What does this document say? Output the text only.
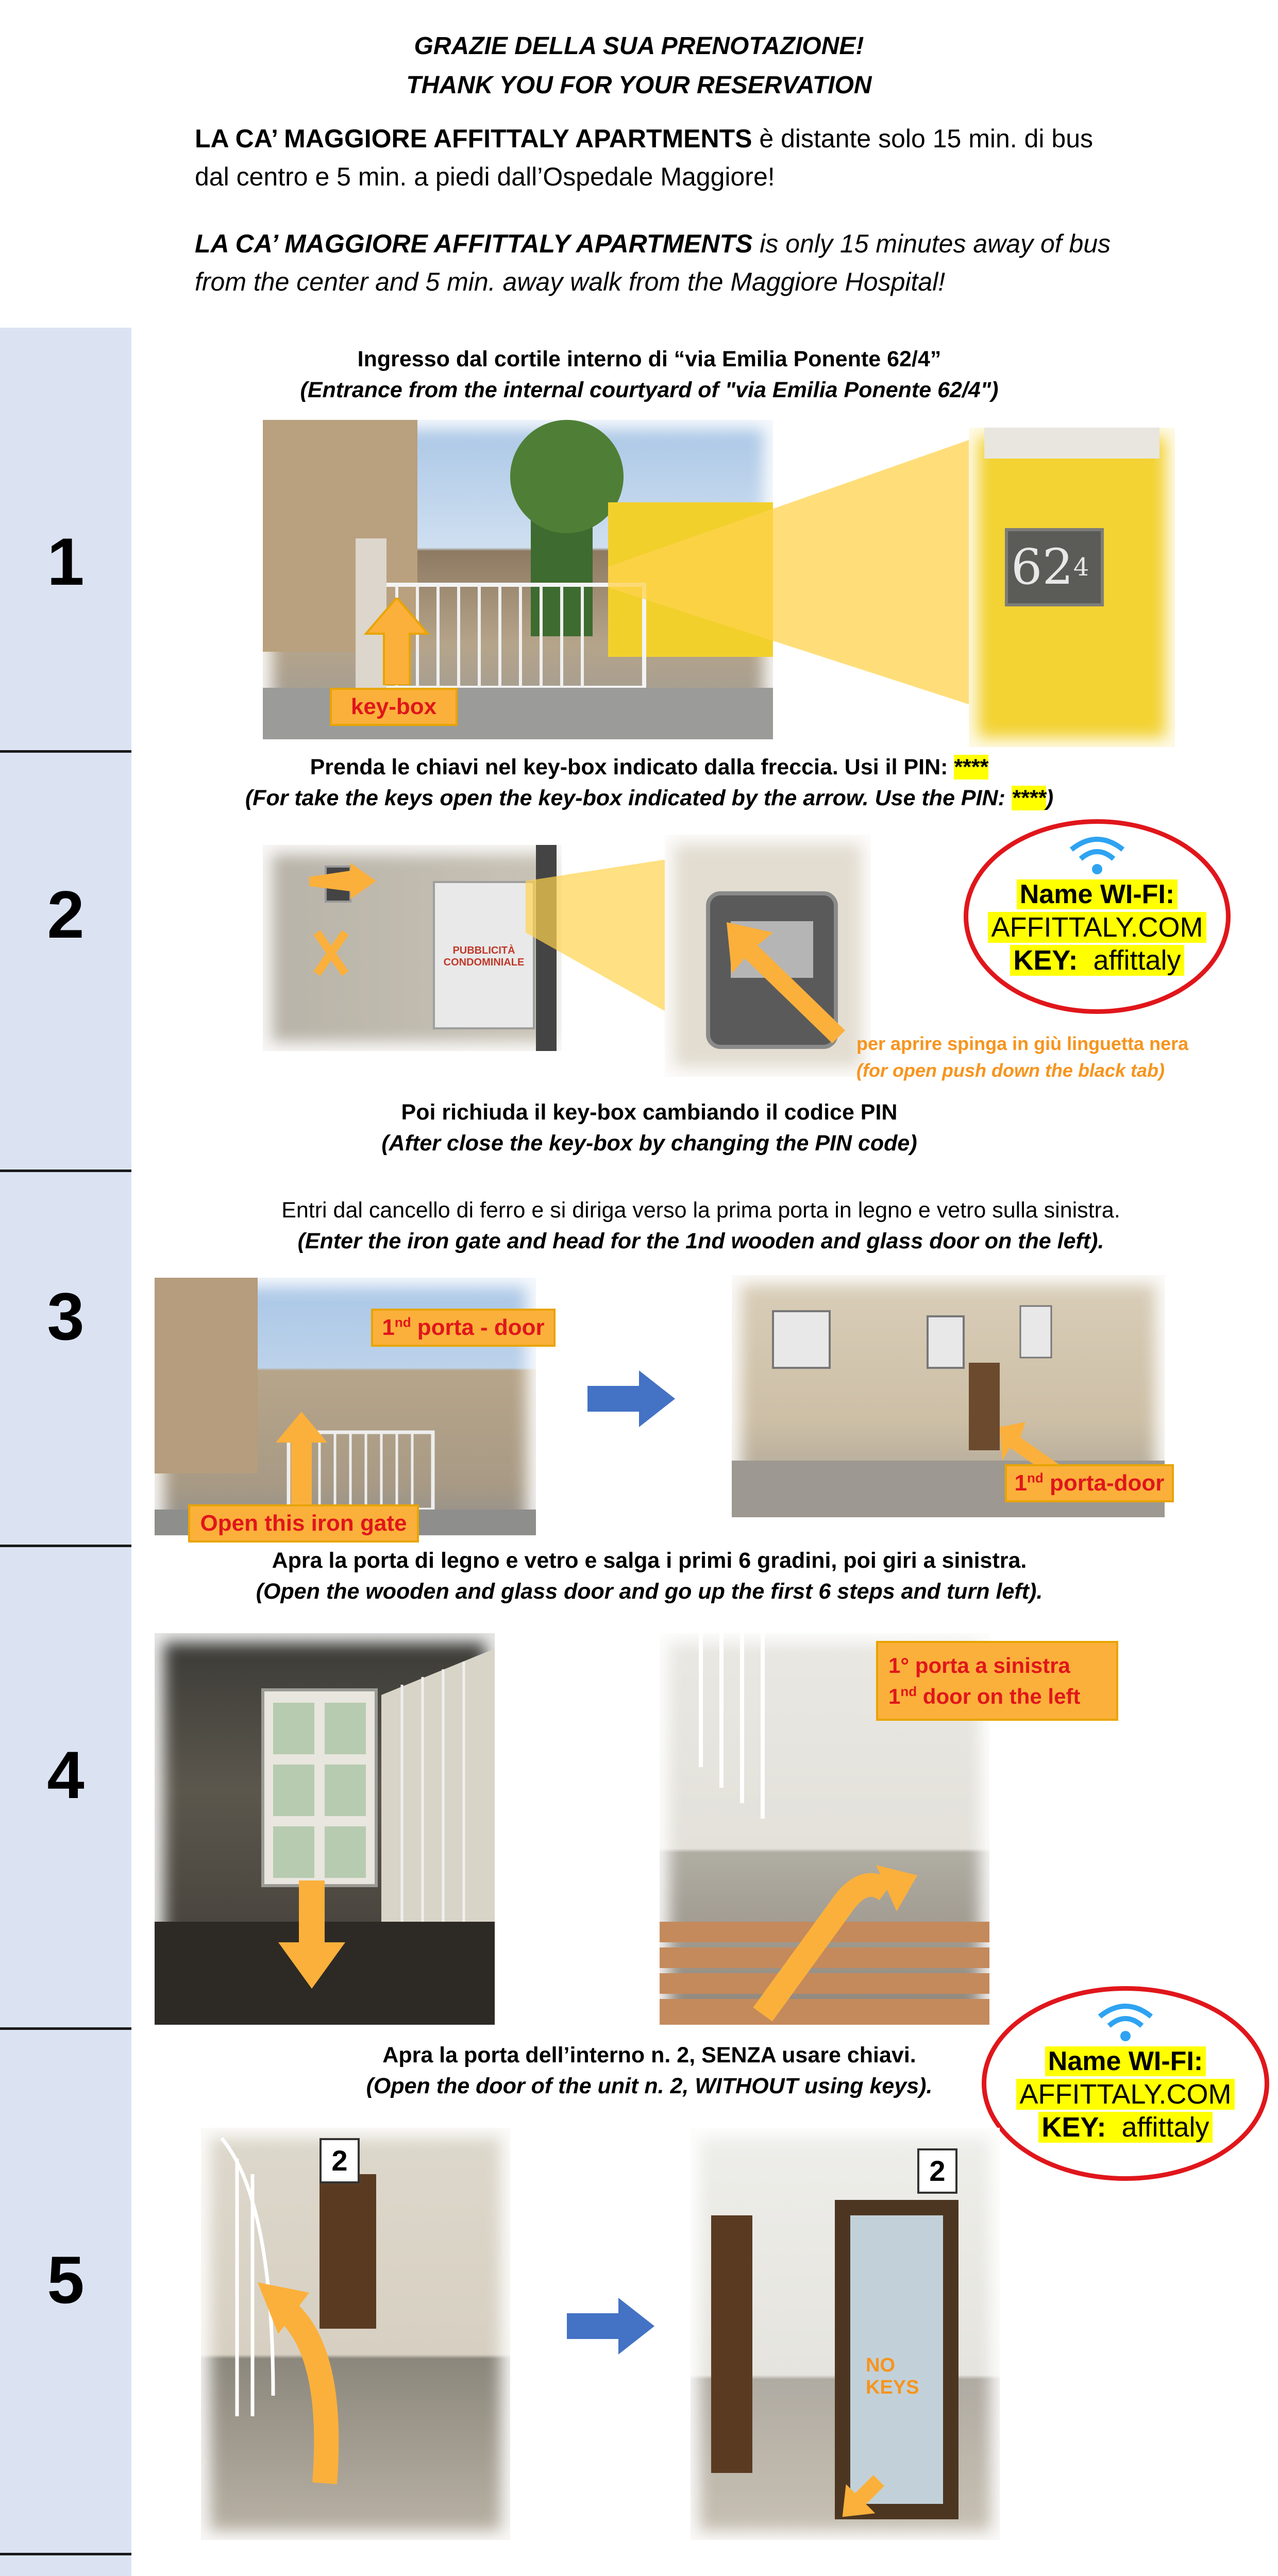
GRAZIE DELLA SUA PRENOTAZIONE!
THANK YOU FOR YOUR RESERVATION
LA CA’ MAGGIORE AFFITTALY APARTMENTS è distante solo 15 min. di bus dal centro e 5 min. a piedi dall’Ospedale Maggiore!
LA CA’ MAGGIORE AFFITTALY APARTMENTS is only 15 minutes away of bus from the center and 5 min. away walk from the Maggiore Hospital!
1
2
3
4
5
Ingresso dal cortile interno di “via Emilia Ponente 62/4”
(Entrance from the internal courtyard of "via Emilia Ponente 62/4")
$62^4$
key-box
Prenda le chiavi nel key-box indicato dalla freccia. Usi il PIN: ****
(For take the keys open the key-box indicated by the arrow. Use the PIN: ****)
PUBBLICITÀ CONDOMINIALE
per aprire spinga in giù linguetta nera
(for open push down the black tab)
Name WI-FI:
AFFITTALY.COM
KEY: affittaly
Poi richiuda il key-box cambiando il codice PIN
(After close the key-box by changing the PIN code)
Entri dal cancello di ferro e si diriga verso la prima porta in legno e vetro sulla sinistra.
(Enter the iron gate and head for the 1nd wooden and glass door on the left).
1nd porta - door
Open this iron gate
1nd porta-door
Apra la porta di legno e vetro e salga i primi 6 gradini, poi giri a sinistra.
(Open the wooden and glass door and go up the first 6 steps and turn left).
1° porta a sinistra
1nd door on the left
Apra la porta dell’interno n. 2, SENZA usare chiavi.
(Open the door of the unit n. 2, WITHOUT using keys).
Name WI-FI:
AFFITTALY.COM
KEY: affittaly
2	2
NO KEYS
